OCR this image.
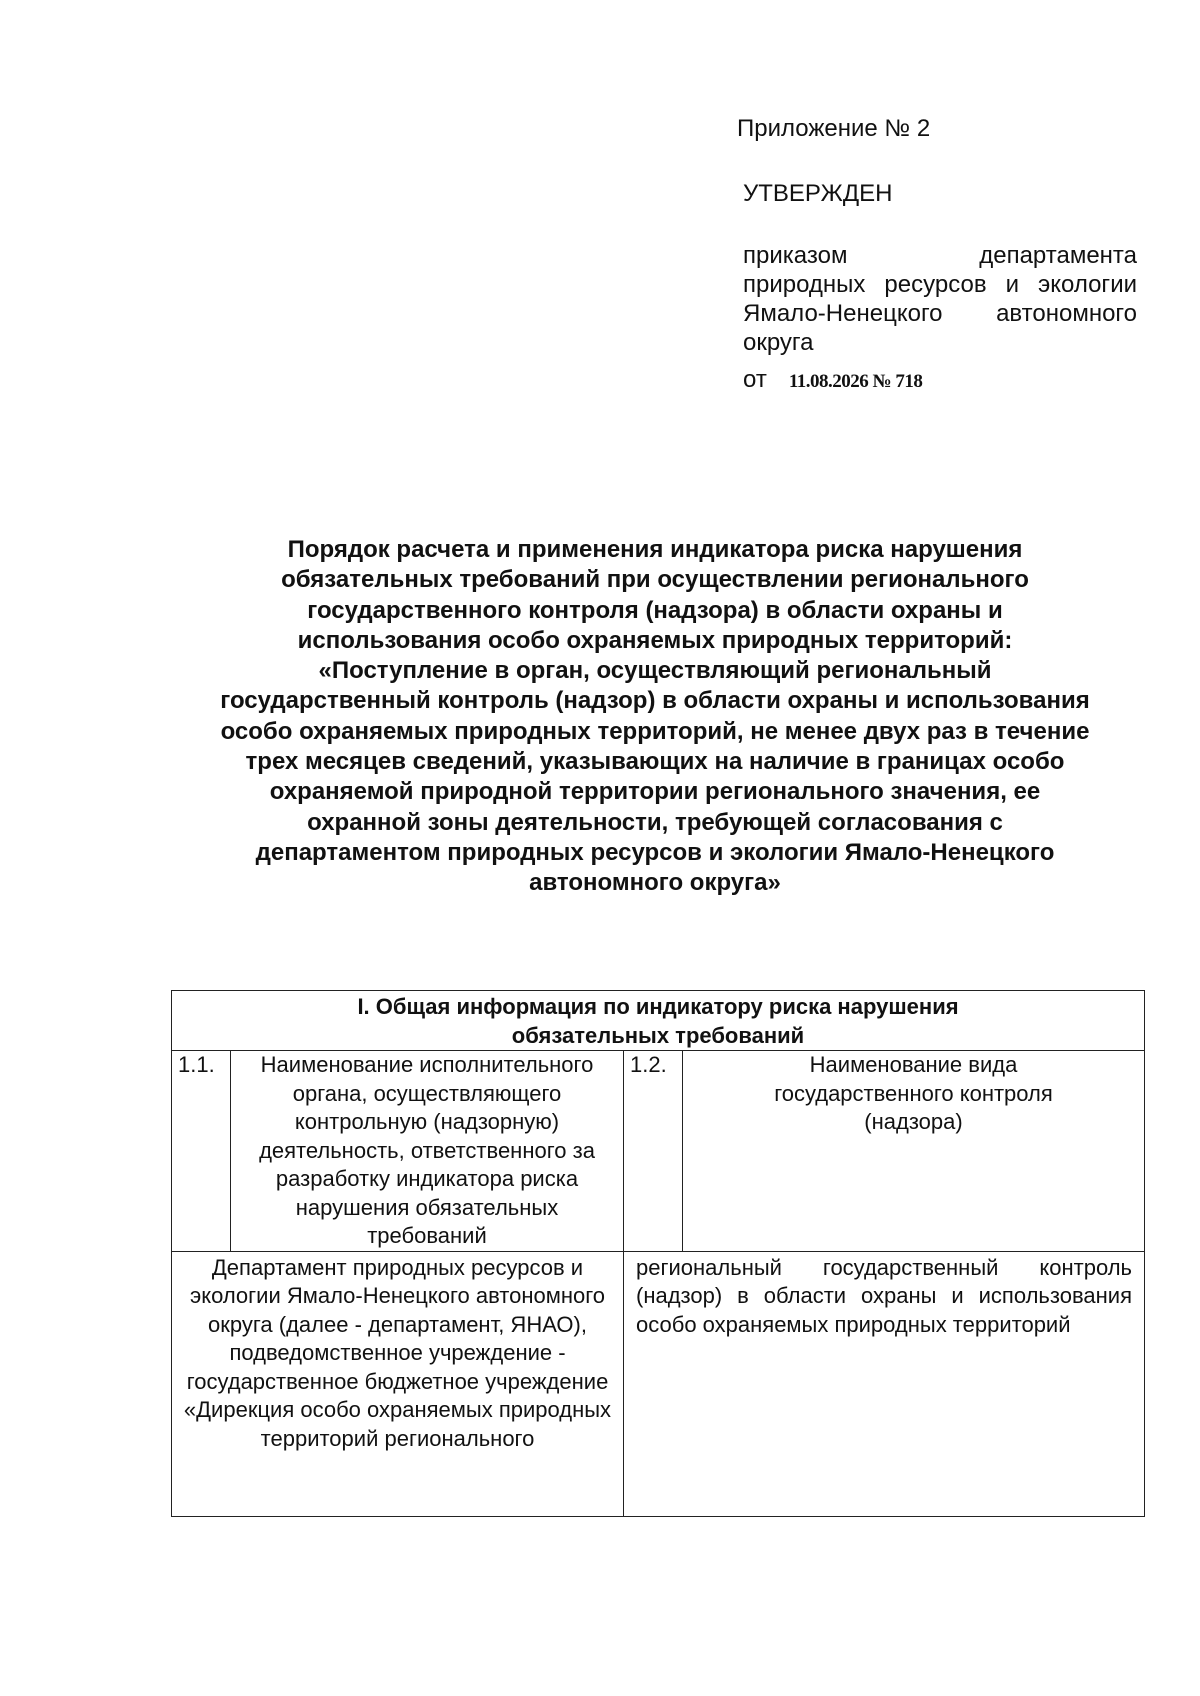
Приложение № 2
УТВЕРЖДЕН
приказом департамента
природных ресурсов и экологии
Ямало-Ненецкого автономного
округа
от 11.08.2026 № 718
Порядок расчета и применения индикатора риска нарушения
обязательных требований при осуществлении регионального
государственного контроля (надзора) в области охраны и
использования особо охраняемых природных территорий:
«Поступление в орган, осуществляющий региональный
государственный контроль (надзор) в области охраны и использования
особо охраняемых природных территорий, не менее двух раз в течение
трех месяцев сведений, указывающих на наличие в границах особо
охраняемой природной территории регионального значения, ее
охранной зоны деятельности, требующей согласования с
департаментом природных ресурсов и экологии Ямало-Ненецкого
автономного округа»
I. Общая информация по индикатору риска нарушения
обязательных требований			

1.1.	Наименование исполнительного органа, осуществляющего контрольную (надзорную) деятельность, ответственного за разработку индикатора риска нарушения обязательных требований	1.2.	Наименование вида государственного контроля (надзора)
Департамент природных ресурсов и экологии Ямало-Ненецкого автономного округа (далее - департамент, ЯНАО), подведомственное учреждение - государственное бюджетное учреждение «Дирекция особо охраняемых природных территорий регионального		региональный государственный контроль (надзор) в области охраны и использования особо охраняемых природных территорий	
